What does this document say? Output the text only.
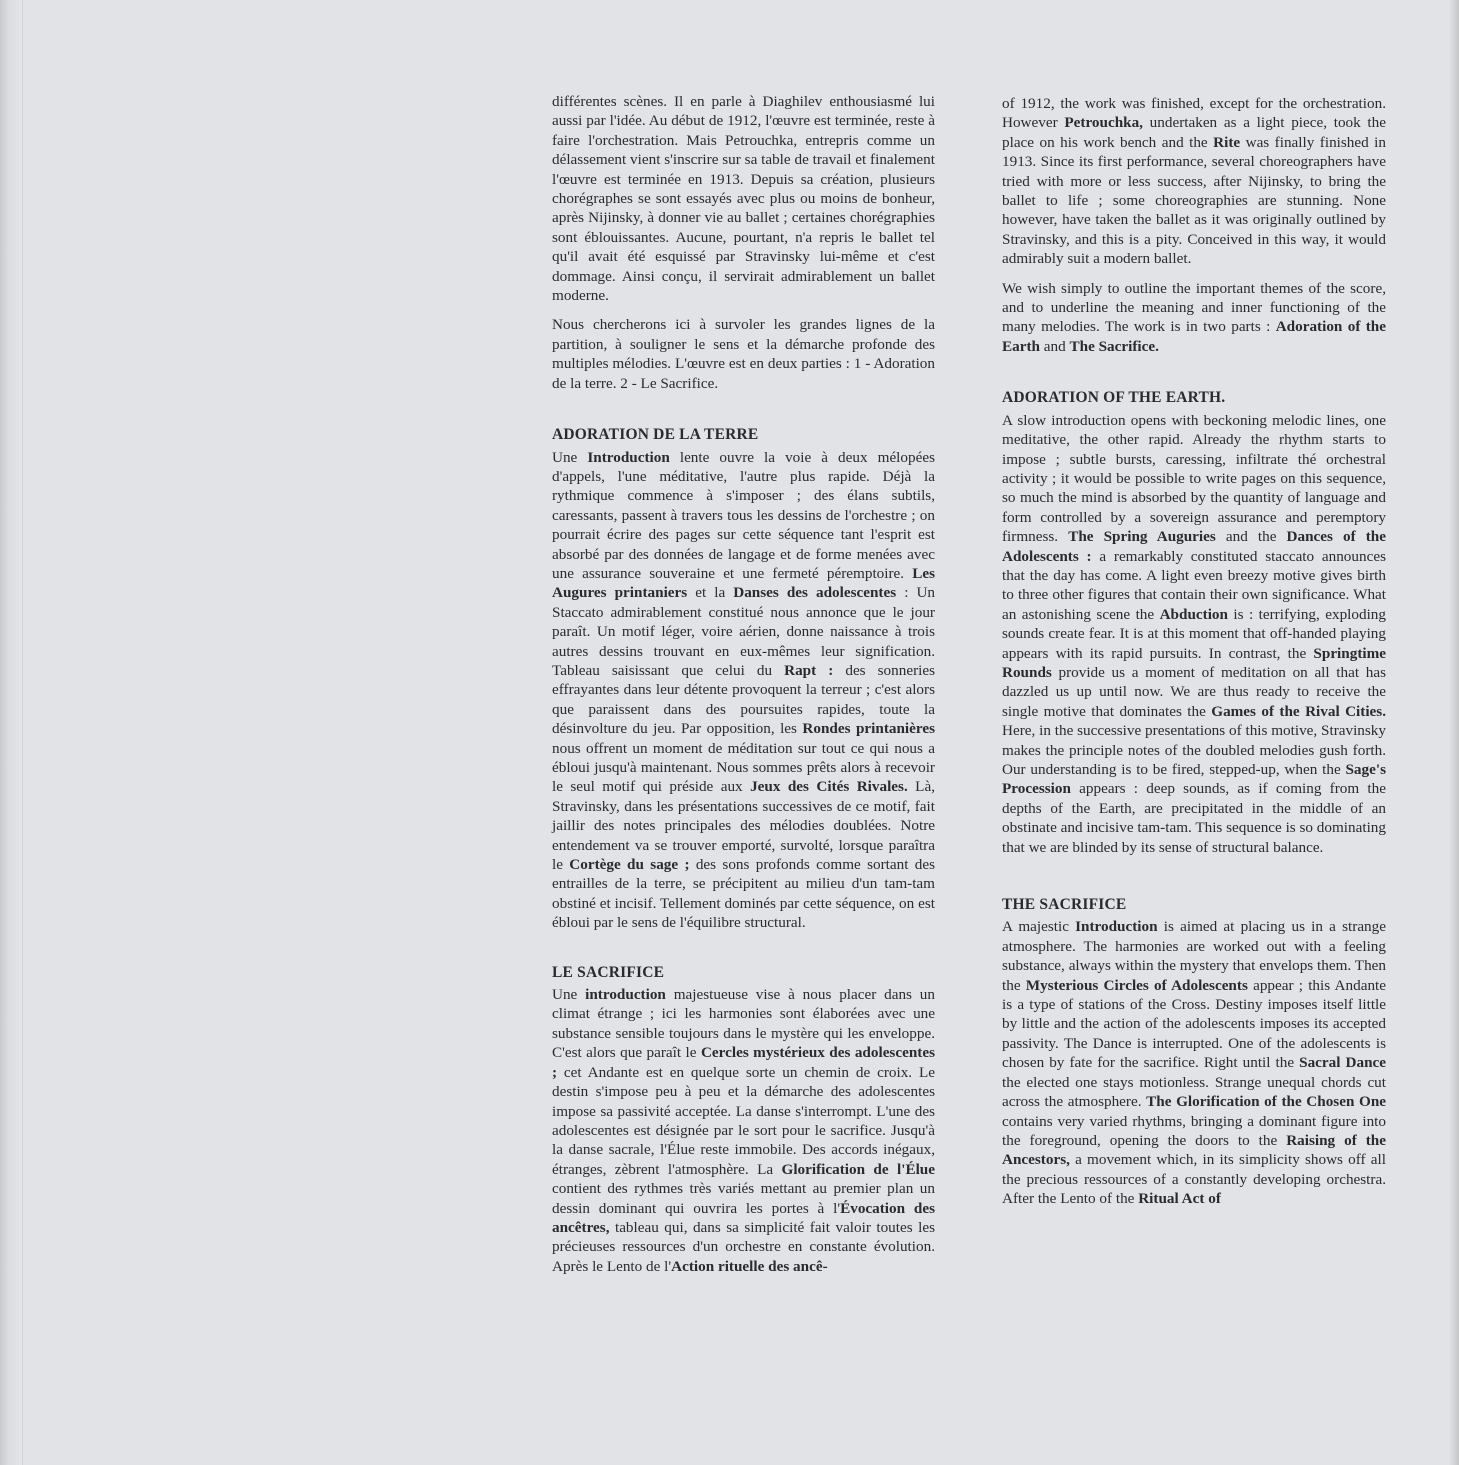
différentes scènes. Il en parle à Diaghilev enthousiasmé lui aussi par l'idée. Au début de 1912, l'œuvre est terminée, reste à faire l'orchestration. Mais Petrouchka, entrepris comme un délassement vient s'inscrire sur sa table de travail et finalement l'œuvre est terminée en 1913. Depuis sa création, plusieurs chorégraphes se sont essayés avec plus ou moins de bonheur, après Nijinsky, à donner vie au ballet ; certaines chorégraphies sont éblouissantes. Aucune, pourtant, n'a repris le ballet tel qu'il avait été esquissé par Stravinsky lui-même et c'est dommage. Ainsi conçu, il servirait admirablement un ballet moderne.

Nous chercherons ici à survoler les grandes lignes de la partition, à souligner le sens et la démarche profonde des multiples mélodies. L'œuvre est en deux parties : 1 - Adoration de la terre. 2 - Le Sacrifice.

ADORATION DE LA TERRE

Une Introduction lente ouvre la voie à deux mélopées d'appels, l'une méditative, l'autre plus rapide. Déjà la rythmique commence à s'imposer ; des élans subtils, caressants, passent à travers tous les dessins de l'orchestre ; on pourrait écrire des pages sur cette séquence tant l'esprit est absorbé par des données de langage et de forme menées avec une assurance souveraine et une fermeté péremptoire. Les Augures printaniers et la Danses des adolescentes : Un Staccato admirablement constitué nous annonce que le jour paraît. Un motif léger, voire aérien, donne naissance à trois autres dessins trouvant en eux-mêmes leur signification. Tableau saisissant que celui du Rapt : des sonneries effrayantes dans leur détente provoquent la terreur ; c'est alors que paraissent dans des poursuites rapides, toute la désinvolture du jeu. Par opposition, les Rondes printanières nous offrent un moment de méditation sur tout ce qui nous a ébloui jusqu'à maintenant. Nous sommes prêts alors à recevoir le seul motif qui préside aux Jeux des Cités Rivales. Là, Stravinsky, dans les présentations successives de ce motif, fait jaillir des notes principales des mélodies doublées. Notre entendement va se trouver emporté, survolté, lorsque paraîtra le Cortège du sage ; des sons profonds comme sortant des entrailles de la terre, se précipitent au milieu d'un tam-tam obstiné et incisif. Tellement dominés par cette séquence, on est ébloui par le sens de l'équilibre structural.

LE SACRIFICE

Une introduction majestueuse vise à nous placer dans un climat étrange ; ici les harmonies sont élaborées avec une substance sensible toujours dans le mystère qui les enveloppe. C'est alors que paraît le Cercles mystérieux des adolescentes ; cet Andante est en quelque sorte un chemin de croix. Le destin s'impose peu à peu et la démarche des adolescentes impose sa passivité acceptée. La danse s'interrompt. L'une des adolescentes est désignée par le sort pour le sacrifice. Jusqu'à la danse sacrale, l'Élue reste immobile. Des accords inégaux, étranges, zèbrent l'atmosphère. La Glorification de l'Élue contient des rythmes très variés mettant au premier plan un dessin dominant qui ouvrira les portes à l'Évocation des ancêtres, tableau qui, dans sa simplicité fait valoir toutes les précieuses ressources d'un orchestre en constante évolution. Après le Lento de l'Action rituelle des ancê-

of 1912, the work was finished, except for the orchestration. However Petrouchka, undertaken as a light piece, took the place on his work bench and the Rite was finally finished in 1913. Since its first performance, several choreographers have tried with more or less success, after Nijinsky, to bring the ballet to life ; some choreographies are stunning. None however, have taken the ballet as it was originally outlined by Stravinsky, and this is a pity. Conceived in this way, it would admirably suit a modern ballet.

We wish simply to outline the important themes of the score, and to underline the meaning and inner functioning of the many melodies. The work is in two parts : Adoration of the Earth and The Sacrifice.

ADORATION OF THE EARTH.

A slow introduction opens with beckoning melodic lines, one meditative, the other rapid. Already the rhythm starts to impose ; subtle bursts, caressing, infiltrate thé orchestral activity ; it would be possible to write pages on this sequence, so much the mind is absorbed by the quantity of language and form controlled by a sovereign assurance and peremptory firmness. The Spring Auguries and the Dances of the Adolescents : a remarkably constituted staccato announces that the day has come. A light even breezy motive gives birth to three other figures that contain their own significance. What an astonishing scene the Abduction is : terrifying, exploding sounds create fear. It is at this moment that off-handed playing appears with its rapid pursuits. In contrast, the Springtime Rounds provide us a moment of meditation on all that has dazzled us up until now. We are thus ready to receive the single motive that dominates the Games of the Rival Cities. Here, in the successive presentations of this motive, Stravinsky makes the principle notes of the doubled melodies gush forth. Our understanding is to be fired, stepped-up, when the Sage's Procession appears : deep sounds, as if coming from the depths of the Earth, are precipitated in the middle of an obstinate and incisive tam-tam. This sequence is so dominating that we are blinded by its sense of structural balance.

THE SACRIFICE

A majestic Introduction is aimed at placing us in a strange atmosphere. The harmonies are worked out with a feeling substance, always within the mystery that envelops them. Then the Mysterious Circles of Adolescents appear ; this Andante is a type of stations of the Cross. Destiny imposes itself little by little and the action of the adolescents imposes its accepted passivity. The Dance is interrupted. One of the adolescents is chosen by fate for the sacrifice. Right until the Sacral Dance the elected one stays motionless. Strange unequal chords cut across the atmosphere. The Glorification of the Chosen One contains very varied rhythms, bringing a dominant figure into the foreground, opening the doors to the Raising of the Ancestors, a movement which, in its simplicity shows off all the precious ressources of a constantly developing orchestra. After the Lento of the Ritual Act of
